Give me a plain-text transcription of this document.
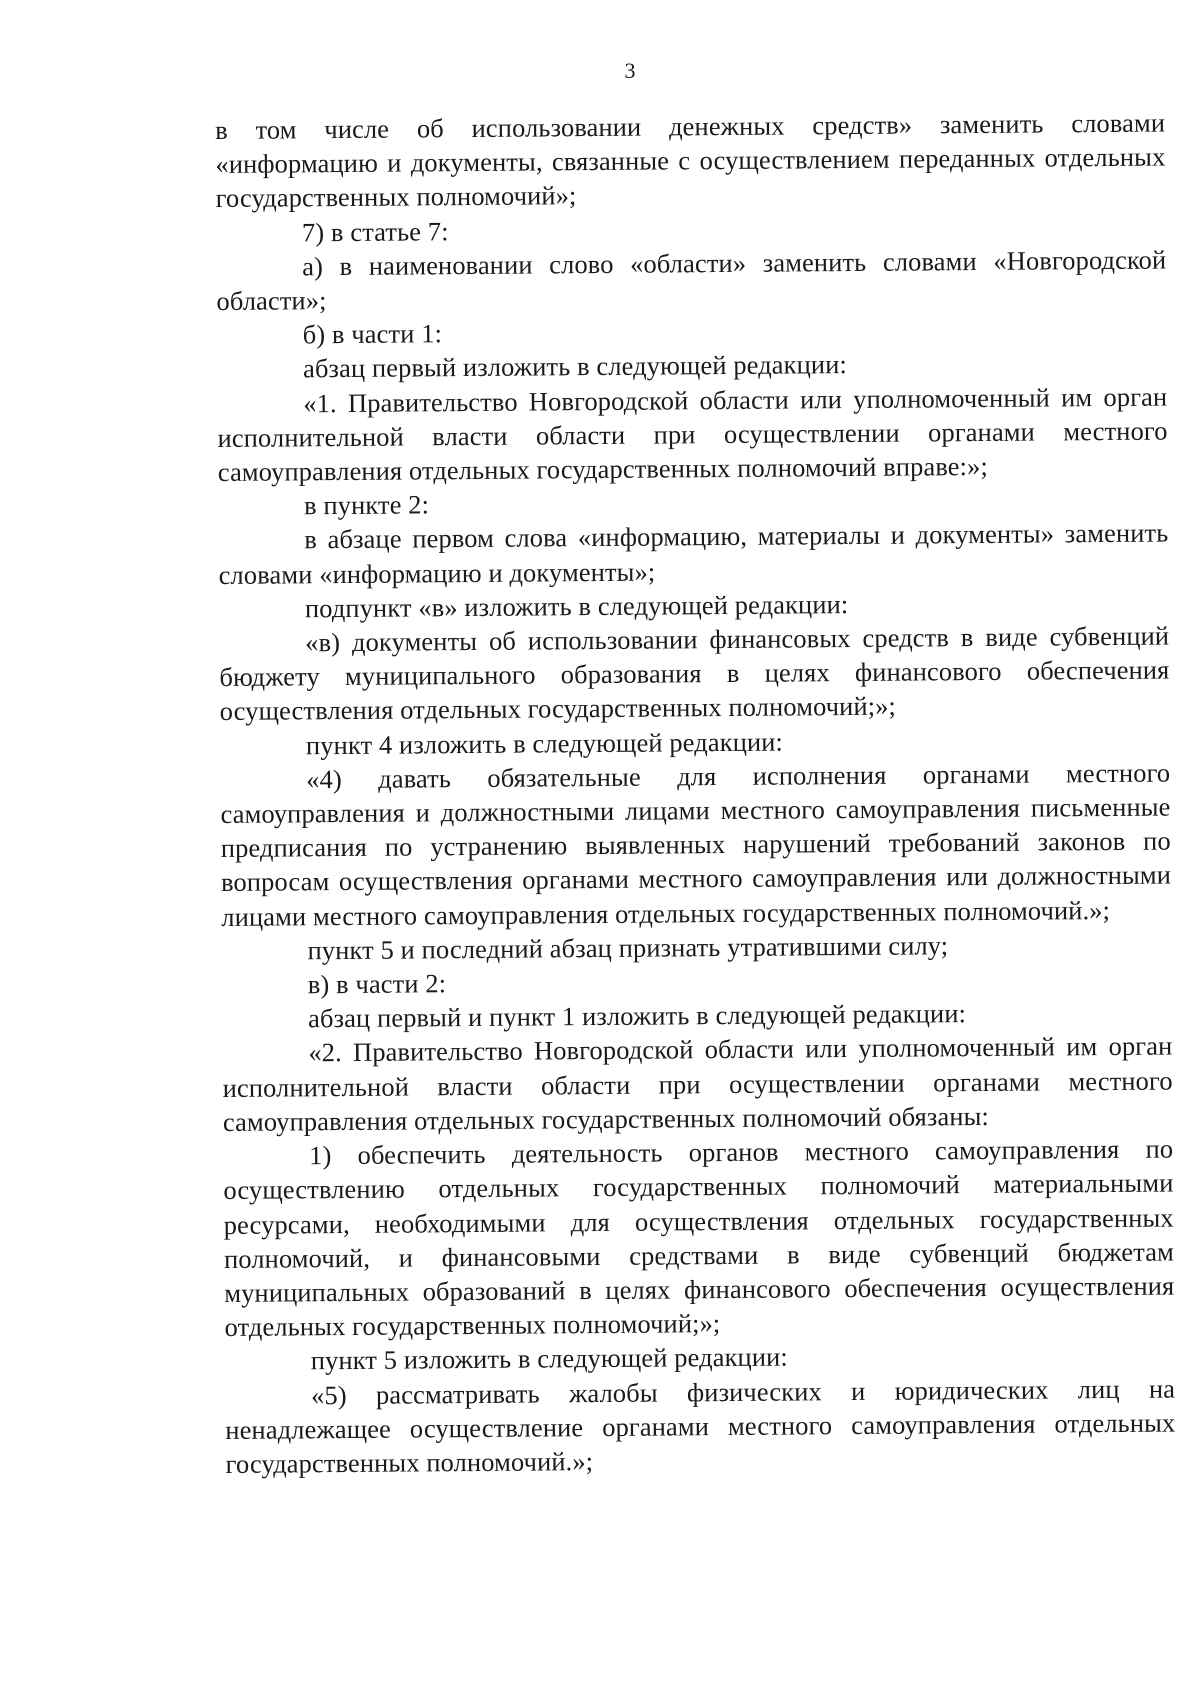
3

в том числе об использовании денежных средств» заменить словами «информацию и документы, связанные с осуществлением переданных отдельных государственных полномочий»;

7) в статье 7:

а) в наименовании слово «области» заменить словами «Новгородской области»;

б) в части 1:

абзац первый изложить в следующей редакции:

«1. Правительство Новгородской области или уполномоченный им орган исполнительной власти области при осуществлении органами местного самоуправления отдельных государственных полномочий вправе:»;

в пункте 2:

в абзаце первом слова «информацию, материалы и документы» заменить словами «информацию и документы»;

подпункт «в» изложить в следующей редакции:

«в) документы об использовании финансовых средств в виде субвенций бюджету муниципального образования в целях финансового обеспечения осуществления отдельных государственных полномочий;»;

пункт 4 изложить в следующей редакции:

«4) давать обязательные для исполнения органами местного самоуправления и должностными лицами местного самоуправления письменные предписания по устранению выявленных нарушений требований законов по вопросам осуществления органами местного самоуправления или должностными лицами местного самоуправления отдельных государственных полномочий.»;

пункт 5 и последний абзац признать утратившими силу;

в) в части 2:

абзац первый и пункт 1 изложить в следующей редакции:

«2. Правительство Новгородской области или уполномоченный им орган исполнительной власти области при осуществлении органами местного самоуправления отдельных государственных полномочий обязаны:

1) обеспечить деятельность органов местного самоуправления по осуществлению отдельных государственных полномочий материальными ресурсами, необходимыми для осуществления отдельных государственных полномочий, и финансовыми средствами в виде субвенций бюджетам муниципальных образований в целях финансового обеспечения осуществления отдельных государственных полномочий;»;

пункт 5 изложить в следующей редакции:

«5) рассматривать жалобы физических и юридических лиц на ненадлежащее осуществление органами местного самоуправления отдельных государственных полномочий.»;
